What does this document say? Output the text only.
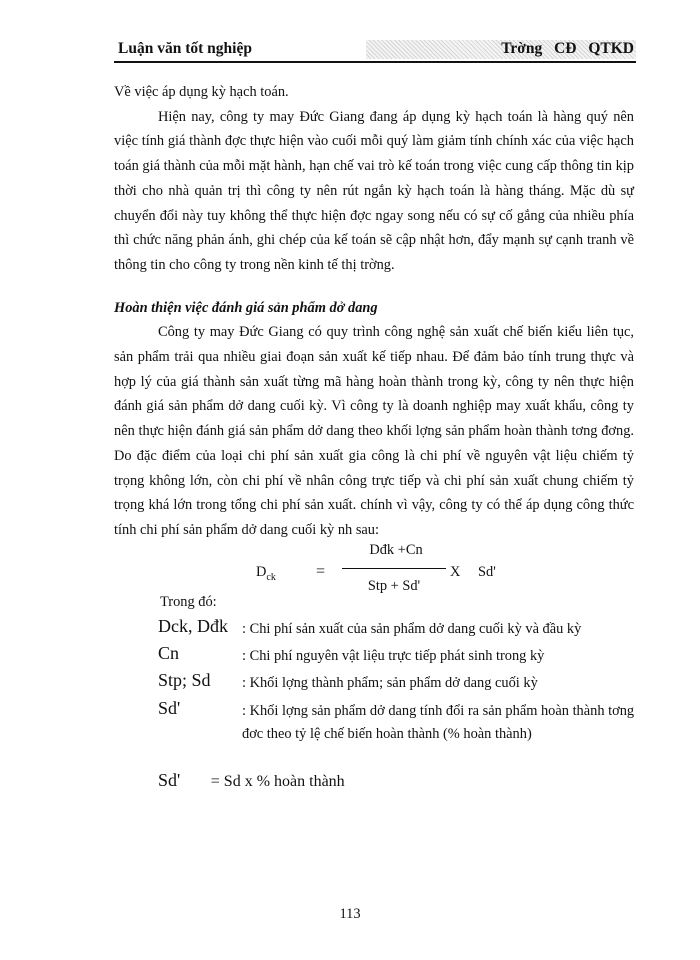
Luận văn tốt nghiệp	Trờng CĐ QTKD

Về việc áp dụng kỳ hạch toán.

Hiện nay, công ty may Đức Giang đang áp dụng kỳ hạch toán là hàng quý nên việc tính giá thành đợc thực hiện vào cuối mỗi quý làm giảm tính chính xác của việc hạch toán giá thành của mỗi mặt hành, hạn chế vai trò kế toán trong việc cung cấp thông tin kịp thời cho nhà quản trị thì công ty nên rút ngắn kỳ hạch toán là hàng tháng. Mặc dù sự chuyển đổi này tuy không thể thực hiện đợc ngay song nếu có sự cố gắng của nhiều phía thì chức năng phản ánh, ghi chép của kế toán sẽ cập nhật hơn, đẩy mạnh sự cạnh tranh về thông tin cho công ty trong nền kinh tế thị trờng.

Hoàn thiện việc đánh giá sản phẩm dở dang

Công ty may Đức Giang có quy trình công nghệ sản xuất chế biến kiểu liên tục, sản phẩm trải qua nhiều giai đoạn sản xuất kế tiếp nhau. Để đảm bảo tính trung thực và hợp lý của giá thành sản xuất từng mã hàng hoàn thành trong kỳ, công ty nên thực hiện đánh giá sản phẩm dở dang cuối kỳ. Vì công ty là doanh nghiệp may xuất khẩu, công ty nên thực hiện đánh giá sản phẩm dở dang theo khối lợng sản phẩm hoàn thành tơng đơng. Do đặc điểm của loại chi phí sản xuất gia công là chi phí về nguyên vật liệu chiếm tỷ trọng không lớn, còn chi phí về nhân công trực tiếp và chi phí sản xuất chung chiếm tỷ trọng khá lớn trong tổng chi phí sản xuất. chính vì vậy, công ty có thể áp dụng công thức tính chi phí sản phẩm dở dang cuối kỳ nh sau:

$D_{ck}$	=
Dđk +Cn
Stp + Sd'
X Sd'
Trong đó:
Dck, Dđk : Chi phí sản xuất của sản phẩm dở dang cuối kỳ và đầu kỳ
Cn	: Chi phí nguyên vật liệu trực tiếp phát sinh trong kỳ
Stp; Sd : Khối lợng thành phẩm; sản phẩm dở dang cuối kỳ
Sd'	: Khối lợng sản phẩm dở dang tính đổi ra sản phẩm hoàn thành tơng đơc theo tỷ lệ chế biến hoàn thành (% hoàn thành)
Sd' = Sd x % hoàn thành
113
